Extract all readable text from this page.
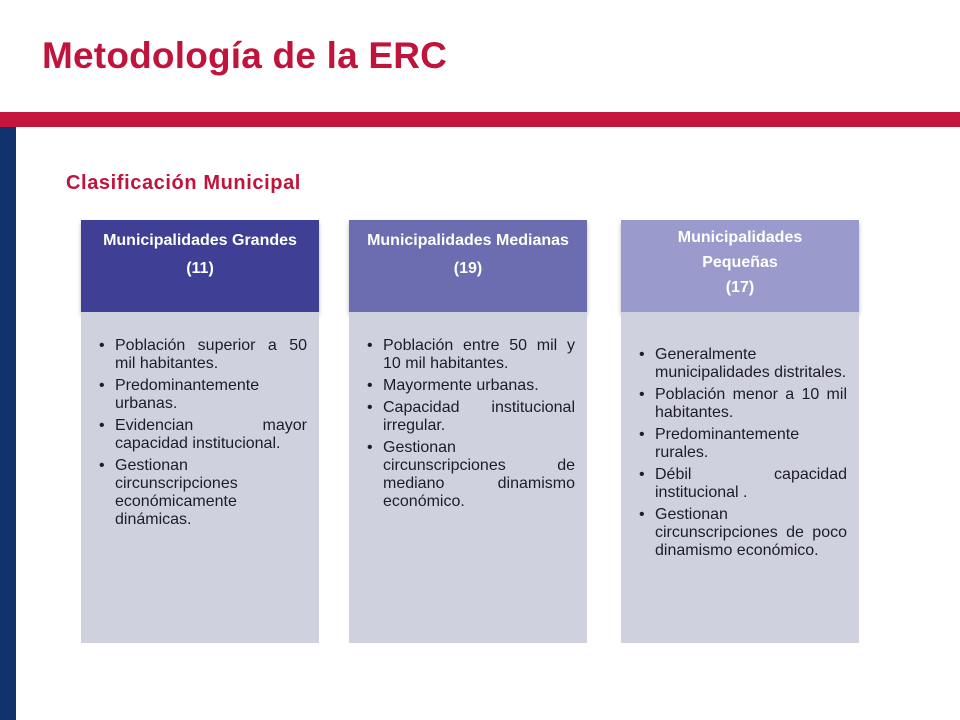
Metodología de la ERC
Clasificación Municipal
Municipalidades Grandes
(11)
• Población superior a 50 mil habitantes.
• Predominantemente urbanas.
• Evidencian mayor capacidad institucional.
• Gestionan circunscripciones económicamente dinámicas.
Municipalidades Medianas
(19)
• Población entre 50 mil y 10 mil habitantes.
• Mayormente urbanas.
• Capacidad institucional irregular.
• Gestionan circunscripciones de mediano dinamismo económico.
Municipalidades
Pequeñas
(17)
• Generalmente municipalidades distritales.
• Población menor a 10 mil habitantes.
• Predominantemente rurales.
• Débil capacidad institucional .
• Gestionan circunscripciones de poco dinamismo económico.
